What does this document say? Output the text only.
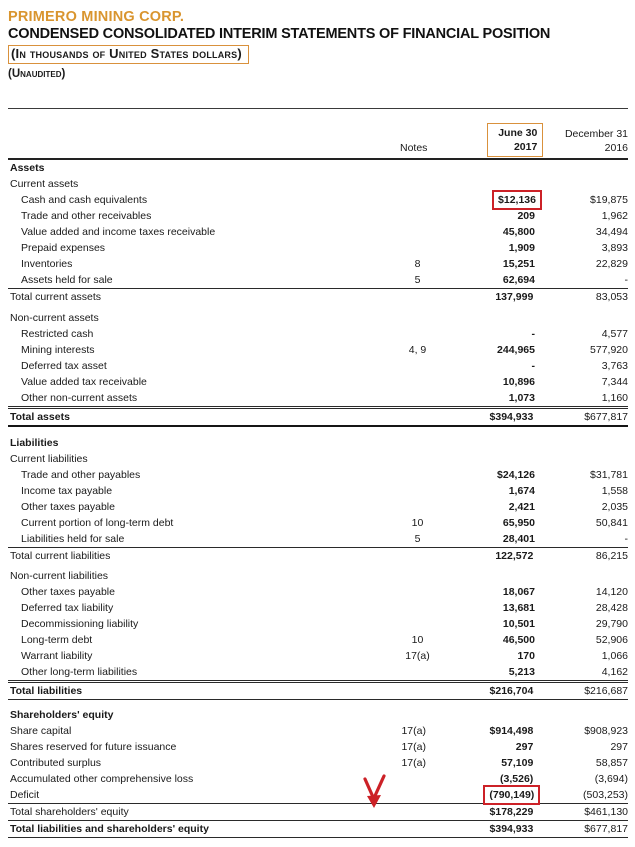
PRIMERO MINING CORP.
CONDENSED CONSOLIDATED INTERIM STATEMENTS OF FINANCIAL POSITION
(In thousands of United States dollars)
(Unaudited)
Notes
June 30
2017
December 31
2016
Assets
Current assets
Cash and cash equivalents	$12,136	$19,875
Trade and other receivables	209	1,962
Value added and income taxes receivable	45,800	34,494
Prepaid expenses	1,909	3,893
Inventories	8	15,251	22,829
Assets held for sale	5	62,694	-
Total current assets	137,999	83,053
Non-current assets
Restricted cash	-	4,577
Mining interests	4, 9	244,965	577,920
Deferred tax asset	-	3,763
Value added tax receivable	10,896	7,344
Other non-current assets	1,073	1,160
Total assets	$394,933	$677,817
Liabilities
Current liabilities
Trade and other payables	$24,126	$31,781
Income tax payable	1,674	1,558
Other taxes payable	2,421	2,035
Current portion of long-term debt	10	65,950	50,841
Liabilities held for sale	5	28,401	-
Total current liabilities	122,572	86,215
Non-current liabilities
Other taxes payable	18,067	14,120
Deferred tax liability	13,681	28,428
Decommissioning liability	10,501	29,790
Long-term debt	10	46,500	52,906
Warrant liability	17(a)	170	1,066
Other long-term liabilities	5,213	4,162
Total liabilities	$216,704	$216,687
Shareholders' equity
Share capital	17(a)	$914,498	$908,923
Shares reserved for future issuance	17(a)	297	297
Contributed surplus	17(a)	57,109	58,857
Accumulated other comprehensive loss	(3,526)	(3,694)
Deficit	(790,149)	(503,253)
Total shareholders' equity	$178,229	$461,130
Total liabilities and shareholders' equity	$394,933	$677,817
